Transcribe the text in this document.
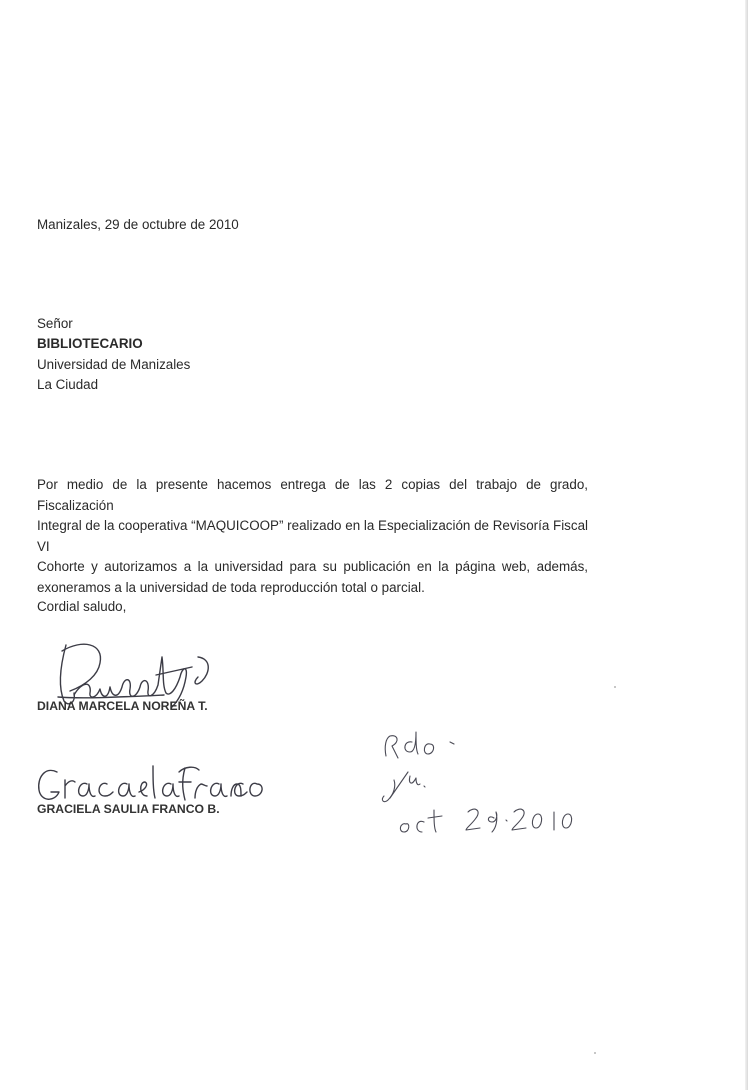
Manizales, 29 de octubre de 2010
Señor
BIBLIOTECARIO
Universidad de Manizales
La Ciudad
Por medio de la presente hacemos entrega de las 2 copias del trabajo de grado, Fiscalización
Integral de la cooperativa “MAQUICOOP” realizado en la Especialización de Revisoría Fiscal VI
Cohorte y autorizamos a la universidad para su publicación en la página web, además,
exoneramos a la universidad de toda reproducción total o parcial.
Cordial saludo,
DIANA MARCELA NOREÑA T.
GRACIELA SAULIA FRANCO B.
